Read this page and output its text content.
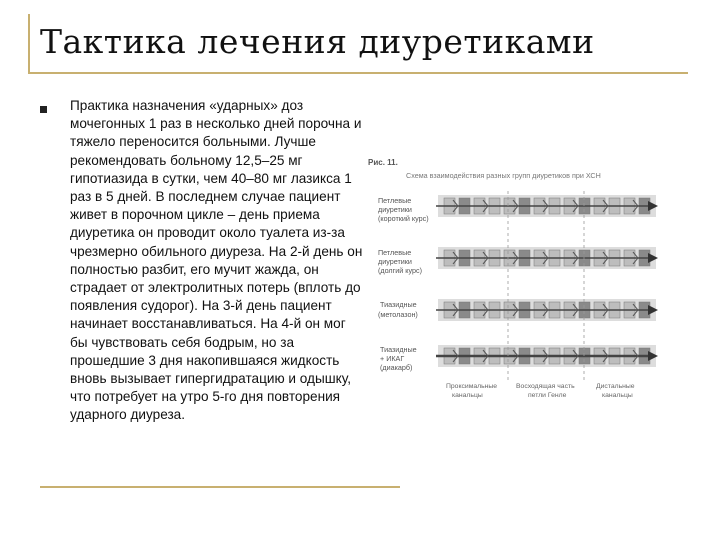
Тактика лечения диуретиками
Практика назначения «ударных» доз мочегонных 1 раз в несколько дней порочна и тяжело переносится больными. Лучше рекомендовать больному 12,5–25 мг гипотиазида в сутки, чем 40–80 мг лазикса 1 раз в 5 дней. В последнем случае пациент живет в порочном цикле – день приема диуретика он проводит около туалета из-за чрезмерно обильного диуреза. На 2-й день он полностью разбит, его мучит жажда, он страдает от электролитных потерь (вплоть до появления судорог). На 3-й день пациент начинает восстанавливаться. На 4-й он мог бы чувствовать себя бодрым, но за прошедшие 3 дня накопившаяся жидкость вновь вызывает гипергидратацию и одышку, что потребует на утро 5-го дня повторения ударного диуреза.
Рис. 11.
Схема взаимодействия разных групп диуретиков при ХСН
Петлевые
диуретики
(короткий курс)
Петлевые
диуретики
(долгий курс)
Тиазидные
(метолазон)
Тиазидные
+ ИКАГ
(диакарб)
Проксимальные
канальцы
Восходящая часть
петли Генле
Дистальные
канальцы
